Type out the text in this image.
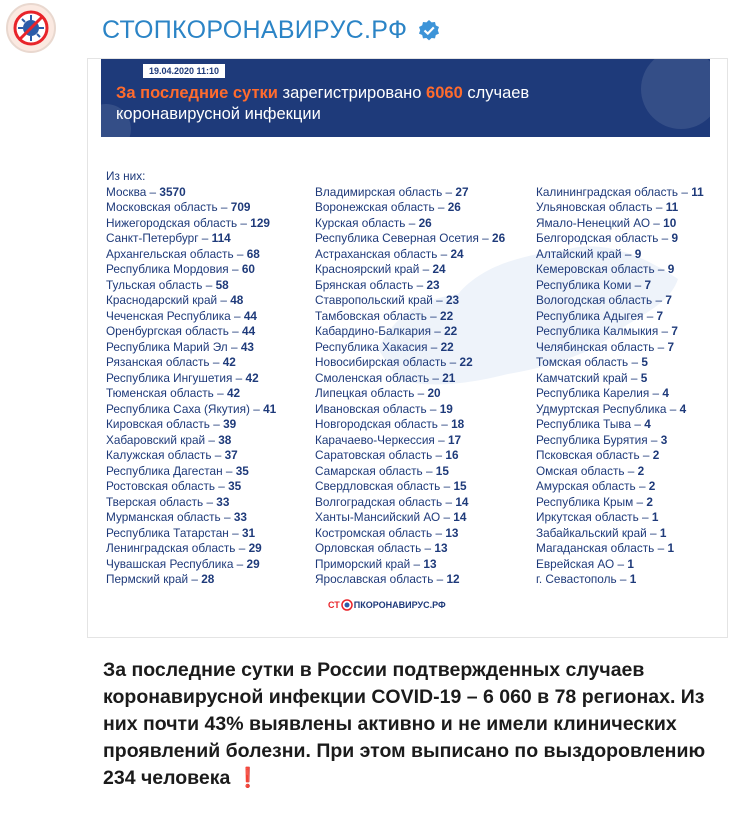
СТОПКОРОНАВИРУС.РФ
19.04.2020 11:10
За последние сутки зарегистрировано 6060 случаев коронавирусной инфекции
Из них:
Москва – 3570
Московская область – 709
Нижегородская область – 129
Санкт-Петербург – 114
Архангельская область – 68
Республика Мордовия – 60
Тульская область – 58
Краснодарский край – 48
Чеченская Республика – 44
Оренбургская область – 44
Республика Марий Эл – 43
Рязанская область – 42
Республика Ингушетия – 42
Тюменская область – 42
Республика Саха (Якутия) – 41
Кировская область – 39
Хабаровский край – 38
Калужская область – 37
Республика Дагестан – 35
Ростовская область – 35
Тверская область – 33
Мурманская область – 33
Республика Татарстан – 31
Ленинградская область – 29
Чувашская Республика – 29
Пермский край – 28
Владимирская область – 27
Воронежская область – 26
Курская область – 26
Республика Северная Осетия – 26
Астраханская область – 24
Красноярский край – 24
Брянская область – 23
Ставропольский край – 23
Тамбовская область – 22
Кабардино-Балкария – 22
Республика Хакасия – 22
Новосибирская область – 22
Смоленская область – 21
Липецкая область – 20
Ивановская область – 19
Новгородская область – 18
Карачаево-Черкессия – 17
Саратовская область – 16
Самарская область – 15
Свердловская область – 15
Волгоградская область – 14
Ханты-Мансийский АО – 14
Костромская область – 13
Орловская область – 13
Приморский край – 13
Ярославская область – 12
Калининградская область – 11
Ульяновская область – 11
Ямало-Ненецкий АО – 10
Белгородская область – 9
Алтайский край – 9
Кемеровская область – 9
Республика Коми – 7
Вологодская область – 7
Республика Адыгея – 7
Республика Калмыкия – 7
Челябинская область – 7
Томская область – 5
Камчатский край – 5
Республика Карелия – 4
Удмуртская Республика – 4
Республика Тыва – 4
Республика Бурятия – 3
Псковская область – 2
Омская область – 2
Амурская область – 2
Республика Крым – 2
Иркутская область – 1
Забайкальский край – 1
Магаданская область – 1
Еврейская АО – 1
г. Севастополь – 1
СТ ПКОРОНАВИРУС.РФ
За последние сутки в России подтвержденных случаев коронавирусной инфекции COVID-19 – 6 060 в 78 регионах. Из них почти 43% выявлены активно и не имели клинических проявлений болезни. При этом выписано по выздоровлению 234 человека ❗
